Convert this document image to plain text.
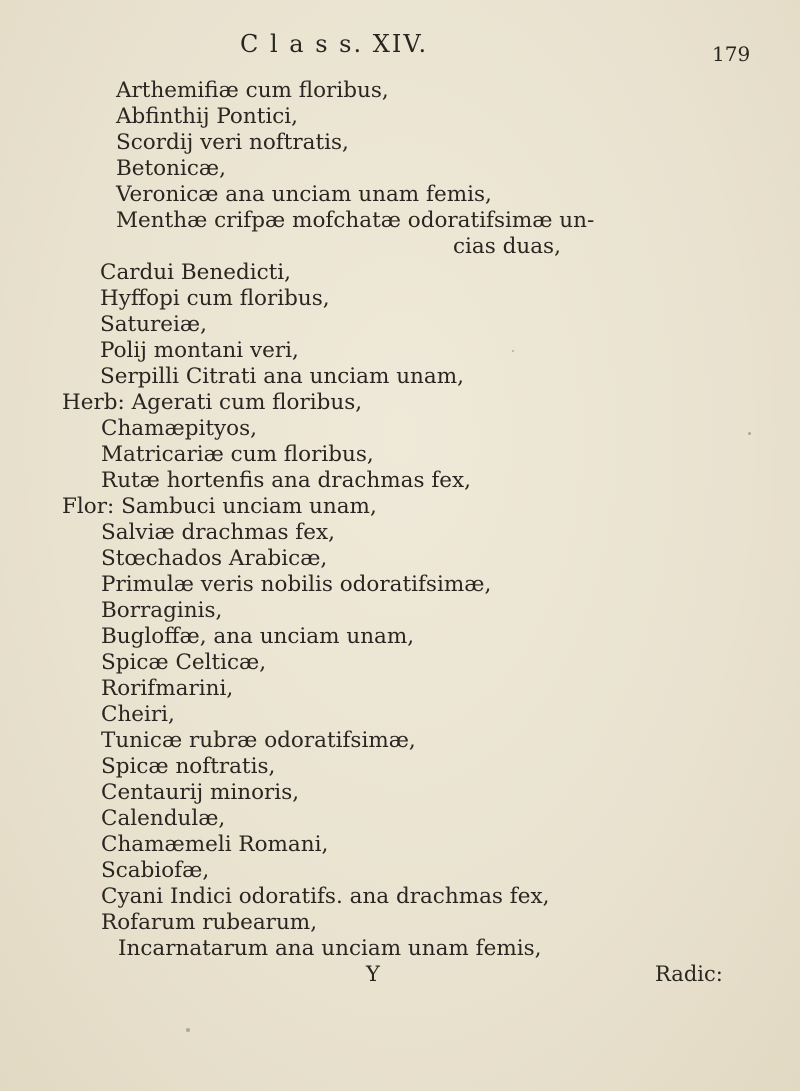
C l a s s. XIV.	179
Arthemifiæ cum floribus,
Abfinthij Pontici,
Scordij veri noftratis,
Betonicæ,
Veronicæ ana unciam unam femis,
Menthæ crifpæ mofchatæ odoratifsimæ un-
cias duas,
Cardui Benedicti,
Hyffopi cum floribus,
Satureiæ,
Polij montani veri,
Serpilli Citrati ana unciam unam,
Herb: Agerati cum floribus,
Chamæpityos,
Matricariæ cum floribus,
Rutæ hortenfis ana drachmas fex,
Flor: Sambuci unciam unam,
Salviæ drachmas fex,
Stœchados Arabicæ,
Primulæ veris nobilis odoratifsimæ,
Borraginis,
Bugloffæ, ana unciam unam,
Spicæ Celticæ,
Rorifmarini,
Cheiri,
Tunicæ rubræ odoratifsimæ,
Spicæ noftratis,
Centaurij minoris,
Calendulæ,
Chamæmeli Romani,
Scabiofæ,
Cyani Indici odoratifs. ana drachmas fex,
Rofarum rubearum,
Incarnatarum ana unciam unam femis,
Y	Radic:
